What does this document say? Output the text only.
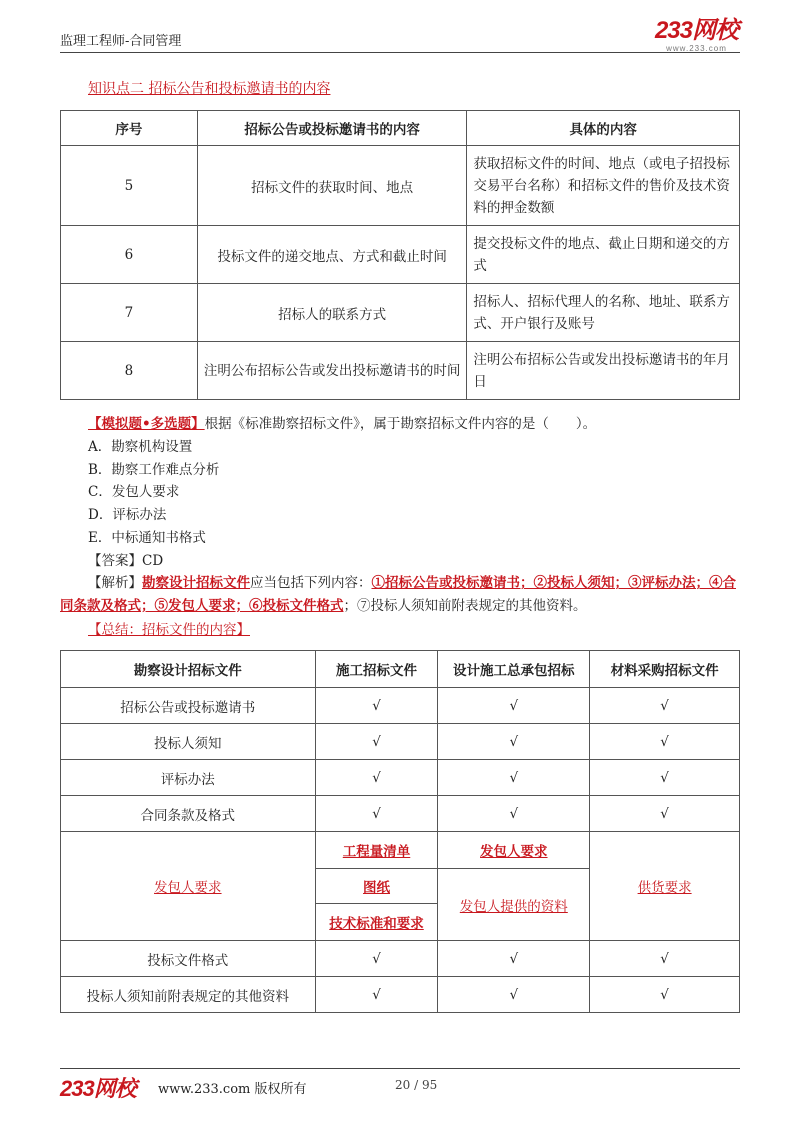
监理工程师-合同管理	233网校
www.233.com
知识点二 招标公告和投标邀请书的内容
序号	招标公告或投标邀请书的内容	具体的内容
5	招标文件的获取时间、地点	获取招标文件的时间、地点（或电子招投标交易平台名称）和招标文件的售价及技术资料的押金数额
6	投标文件的递交地点、方式和截止时间	提交投标文件的地点、截止日期和递交的方式
7	招标人的联系方式	招标人、招标代理人的名称、地址、联系方式、开户银行及账号
8	注明公布招标公告或发出投标邀请书的时间	注明公布招标公告或发出投标邀请书的年月日
【模拟题•多选题】根据《标准勘察招标文件》，属于勘察招标文件内容的是（　　）。
A．勘察机构设置
B．勘察工作难点分析
C．发包人要求
D．评标办法
E．中标通知书格式
【答案】CD
【解析】勘察设计招标文件应当包括下列内容：①招标公告或投标邀请书；②投标人须知；③评标办法；④合同条款及格式；⑤发包人要求；⑥投标文件格式；⑦投标人须知前附表规定的其他资料。
【总结：招标文件的内容】
勘察设计招标文件	施工招标文件	设计施工总承包招标	材料采购招标文件
招标公告或投标邀请书	√	√	√
投标人须知	√	√	√
评标办法	√	√	√
合同条款及格式	√	√	√
发包人要求	工程量清单	发包人要求	供货要求
	图纸	发包人提供的资料	
	技术标准和要求		
投标文件格式	√	√	√
投标人须知前附表规定的其他资料	√	√	√
233网校 www.233.com 版权所有	20 / 95
